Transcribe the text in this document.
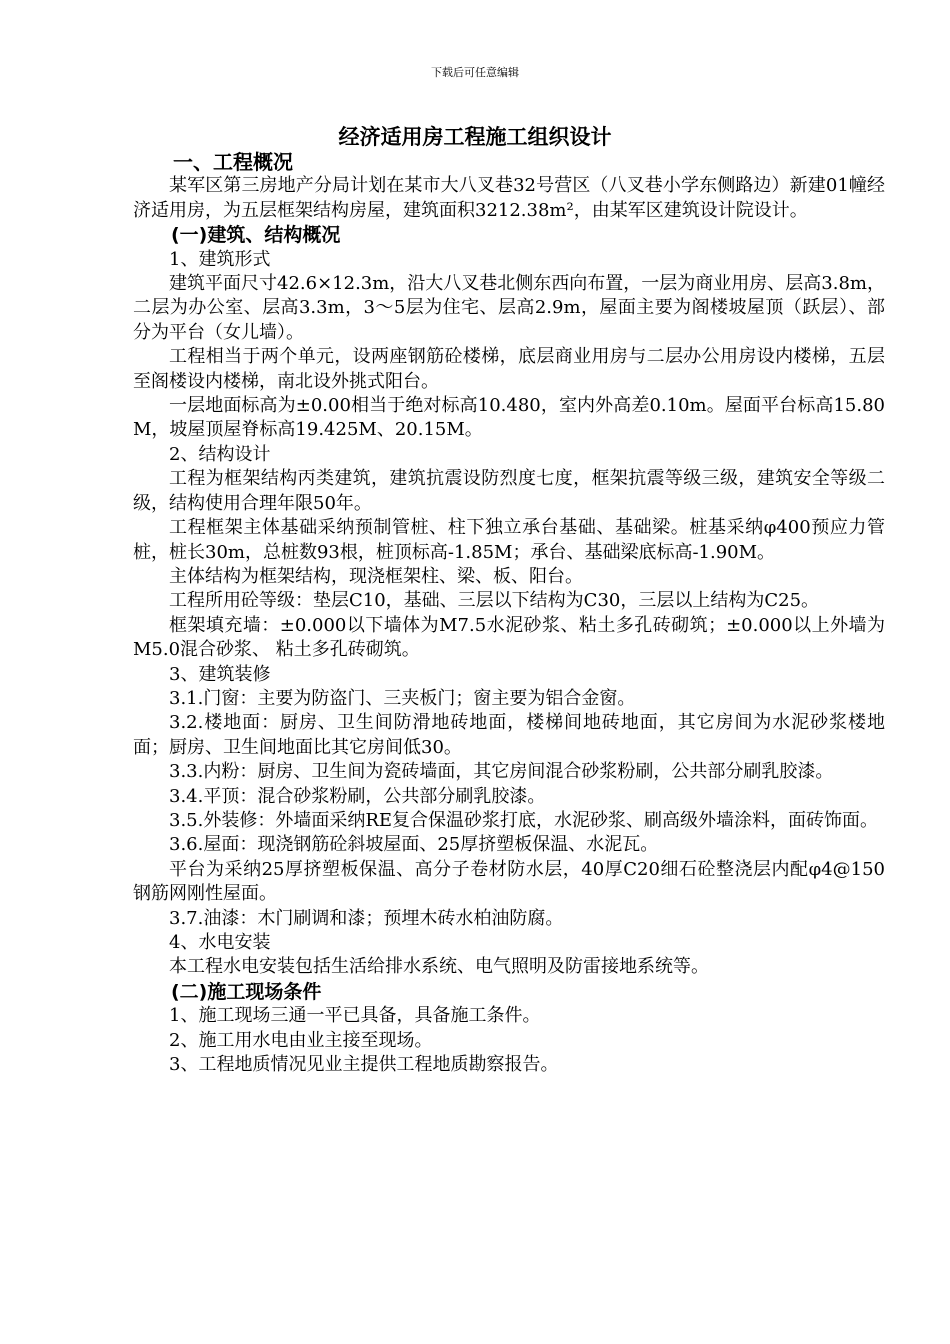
下载后可任意编辑
经济适用房工程施工组织设计

一、工程概况

某军区第三房地产分局计划在某市大八叉巷32号营区（八叉巷小学东侧路边）新建01幢经济适用房，为五层框架结构房屋，建筑面积3212.38m²，由某军区建筑设计院设计。

(一)建筑、结构概况

1、建筑形式

建筑平面尺寸42.6×12.3m，沿大八叉巷北侧东西向布置，一层为商业用房、层高3.8m，二层为办公室、层高3.3m，3～5层为住宅、层高2.9m，屋面主要为阁楼坡屋顶（跃层）、部分为平台（女儿墙）。

工程相当于两个单元，设两座钢筋砼楼梯，底层商业用房与二层办公用房设内楼梯，五层至阁楼设内楼梯，南北设外挑式阳台。

一层地面标高为±0.00相当于绝对标高10.480，室内外高差0.10m。屋面平台标高15.80M，坡屋顶屋脊标高19.425M、20.15M。

2、结构设计

工程为框架结构丙类建筑，建筑抗震设防烈度七度，框架抗震等级三级，建筑安全等级二级，结构使用合理年限50年。

工程框架主体基础采纳预制管桩、柱下独立承台基础、基础梁。桩基采纳φ400预应力管桩，桩长30m，总桩数93根，桩顶标高-1.85M；承台、基础梁底标高-1.90M。

主体结构为框架结构，现浇框架柱、梁、板、阳台。

工程所用砼等级：垫层C10，基础、三层以下结构为C30，三层以上结构为C25。

框架填充墙：±0.000以下墙体为M7.5水泥砂浆、粘土多孔砖砌筑；±0.000以上外墙为M5.0混合砂浆、 粘土多孔砖砌筑。

3、建筑装修

3.1.门窗：主要为防盗门、三夹板门；窗主要为铝合金窗。

3.2.楼地面：厨房、卫生间防滑地砖地面，楼梯间地砖地面，其它房间为水泥砂浆楼地面；厨房、卫生间地面比其它房间低30。

3.3.内粉：厨房、卫生间为瓷砖墙面，其它房间混合砂浆粉刷，公共部分刷乳胶漆。

3.4.平顶：混合砂浆粉刷，公共部分刷乳胶漆。

3.5.外装修：外墙面采纳RE复合保温砂浆打底，水泥砂浆、刷高级外墙涂料，面砖饰面。

3.6.屋面：现浇钢筋砼斜坡屋面、25厚挤塑板保温、水泥瓦。

平台为采纳25厚挤塑板保温、高分子卷材防水层，40厚C20细石砼整浇层内配φ4@150钢筋网刚性屋面。

3.7.油漆：木门刷调和漆；预埋木砖水柏油防腐。

4、水电安装

本工程水电安装包括生活给排水系统、电气照明及防雷接地系统等。

(二)施工现场条件

1、施工现场三通一平已具备，具备施工条件。

2、施工用水电由业主接至现场。

3、工程地质情况见业主提供工程地质勘察报告。
